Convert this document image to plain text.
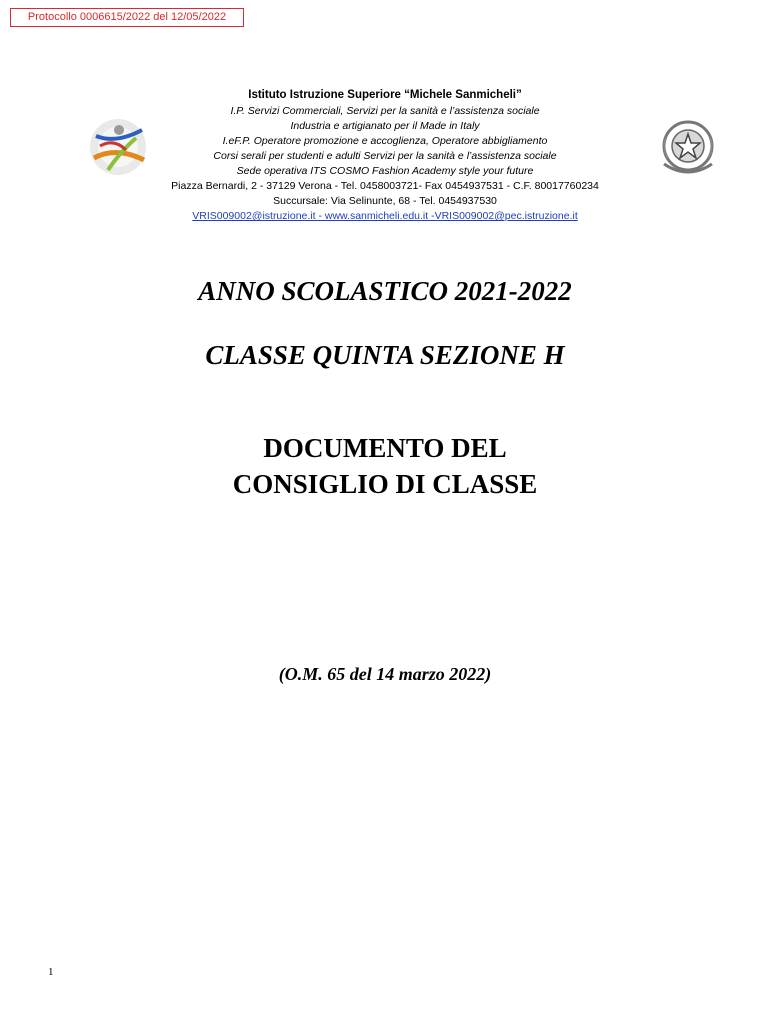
Protocollo 0006615/2022 del 12/05/2022
Istituto Istruzione Superiore “Michele Sanmicheli”
I.P. Servizi Commerciali, Servizi per la sanità e l’assistenza sociale
Industria e artigianato per il Made in Italy
I.eF.P. Operatore promozione e accoglienza, Operatore abbigliamento
Corsi serali per studenti e adulti Servizi per la sanità e l’assistenza sociale
Sede operativa ITS COSMO Fashion Academy style your future
Piazza Bernardi, 2 - 37129 Verona - Tel. 0458003721- Fax 0454937531 - C.F. 80017760234
Succursale: Via Selinunte, 68 - Tel. 0454937530
VRIS009002@istruzione.it - www.sanmicheli.edu.it -VRIS009002@pec.istruzione.it
ANNO SCOLASTICO 2021-2022
CLASSE QUINTA SEZIONE H
DOCUMENTO DEL
CONSIGLIO DI CLASSE
(O.M. 65 del 14 marzo 2022)
1
